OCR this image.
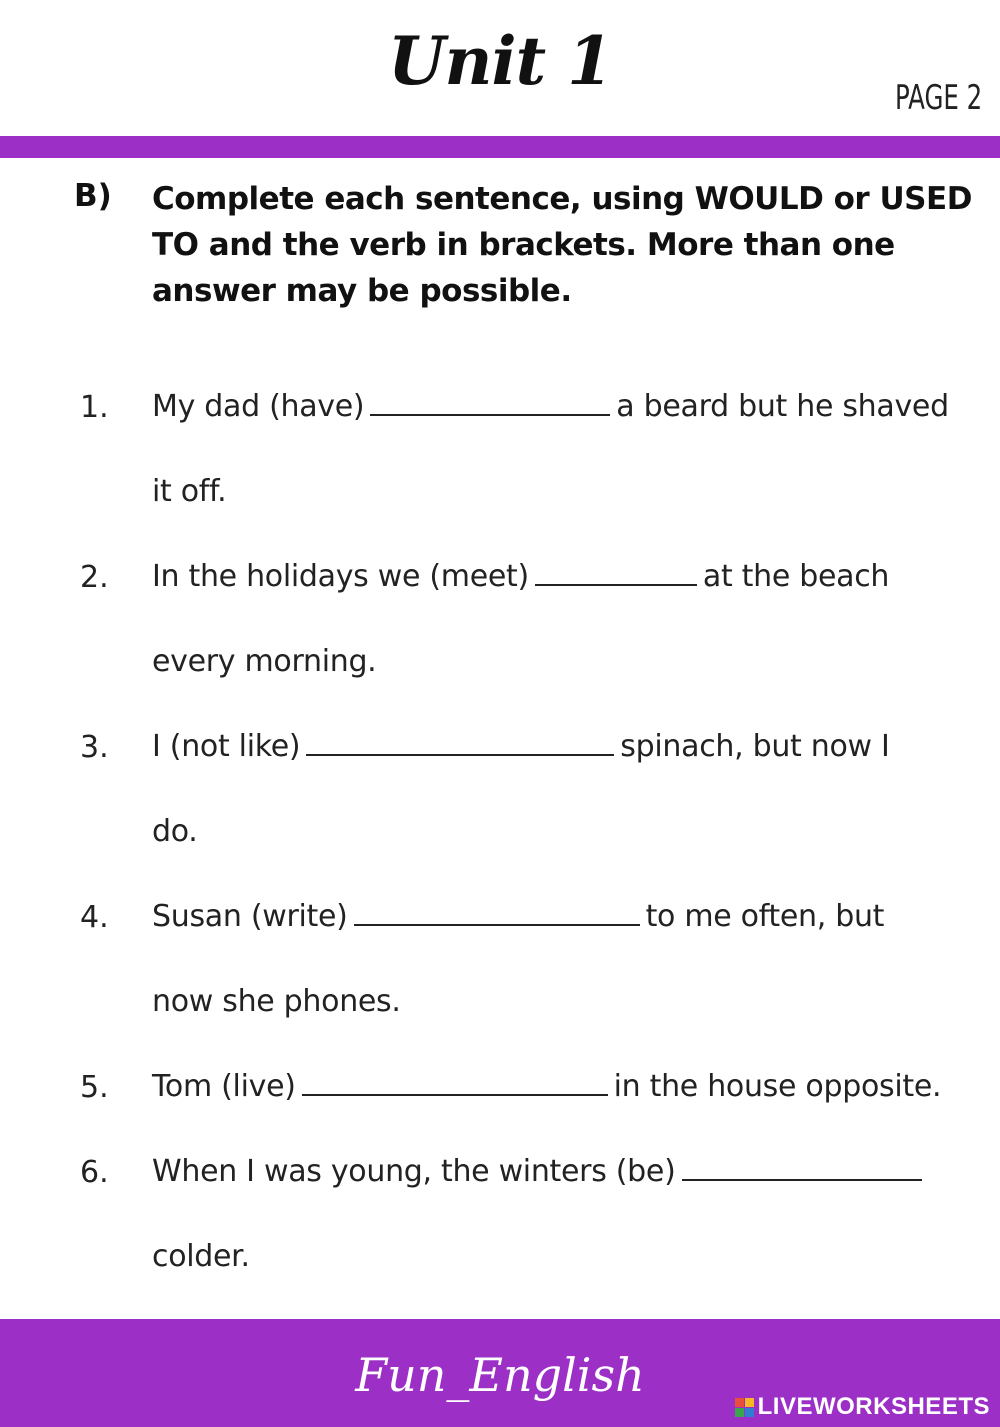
Unit 1	PAGE 2
B) Complete each sentence, using WOULD or USED
TO and the verb in brackets. More than one
answer may be possible.
1.	My dad (have)	a beard but he shaved
it off.
2.	In the holidays we (meet)	at the beach
every morning.
3.	I (not like)	spinach, but now I
do.
4.	Susan (write)	to me often, but
now she phones.
5.	Tom (live)	in the house opposite.
6.	When I was young, the winters (be)
colder.
Fun_English
LIVEWORKSHEETS
